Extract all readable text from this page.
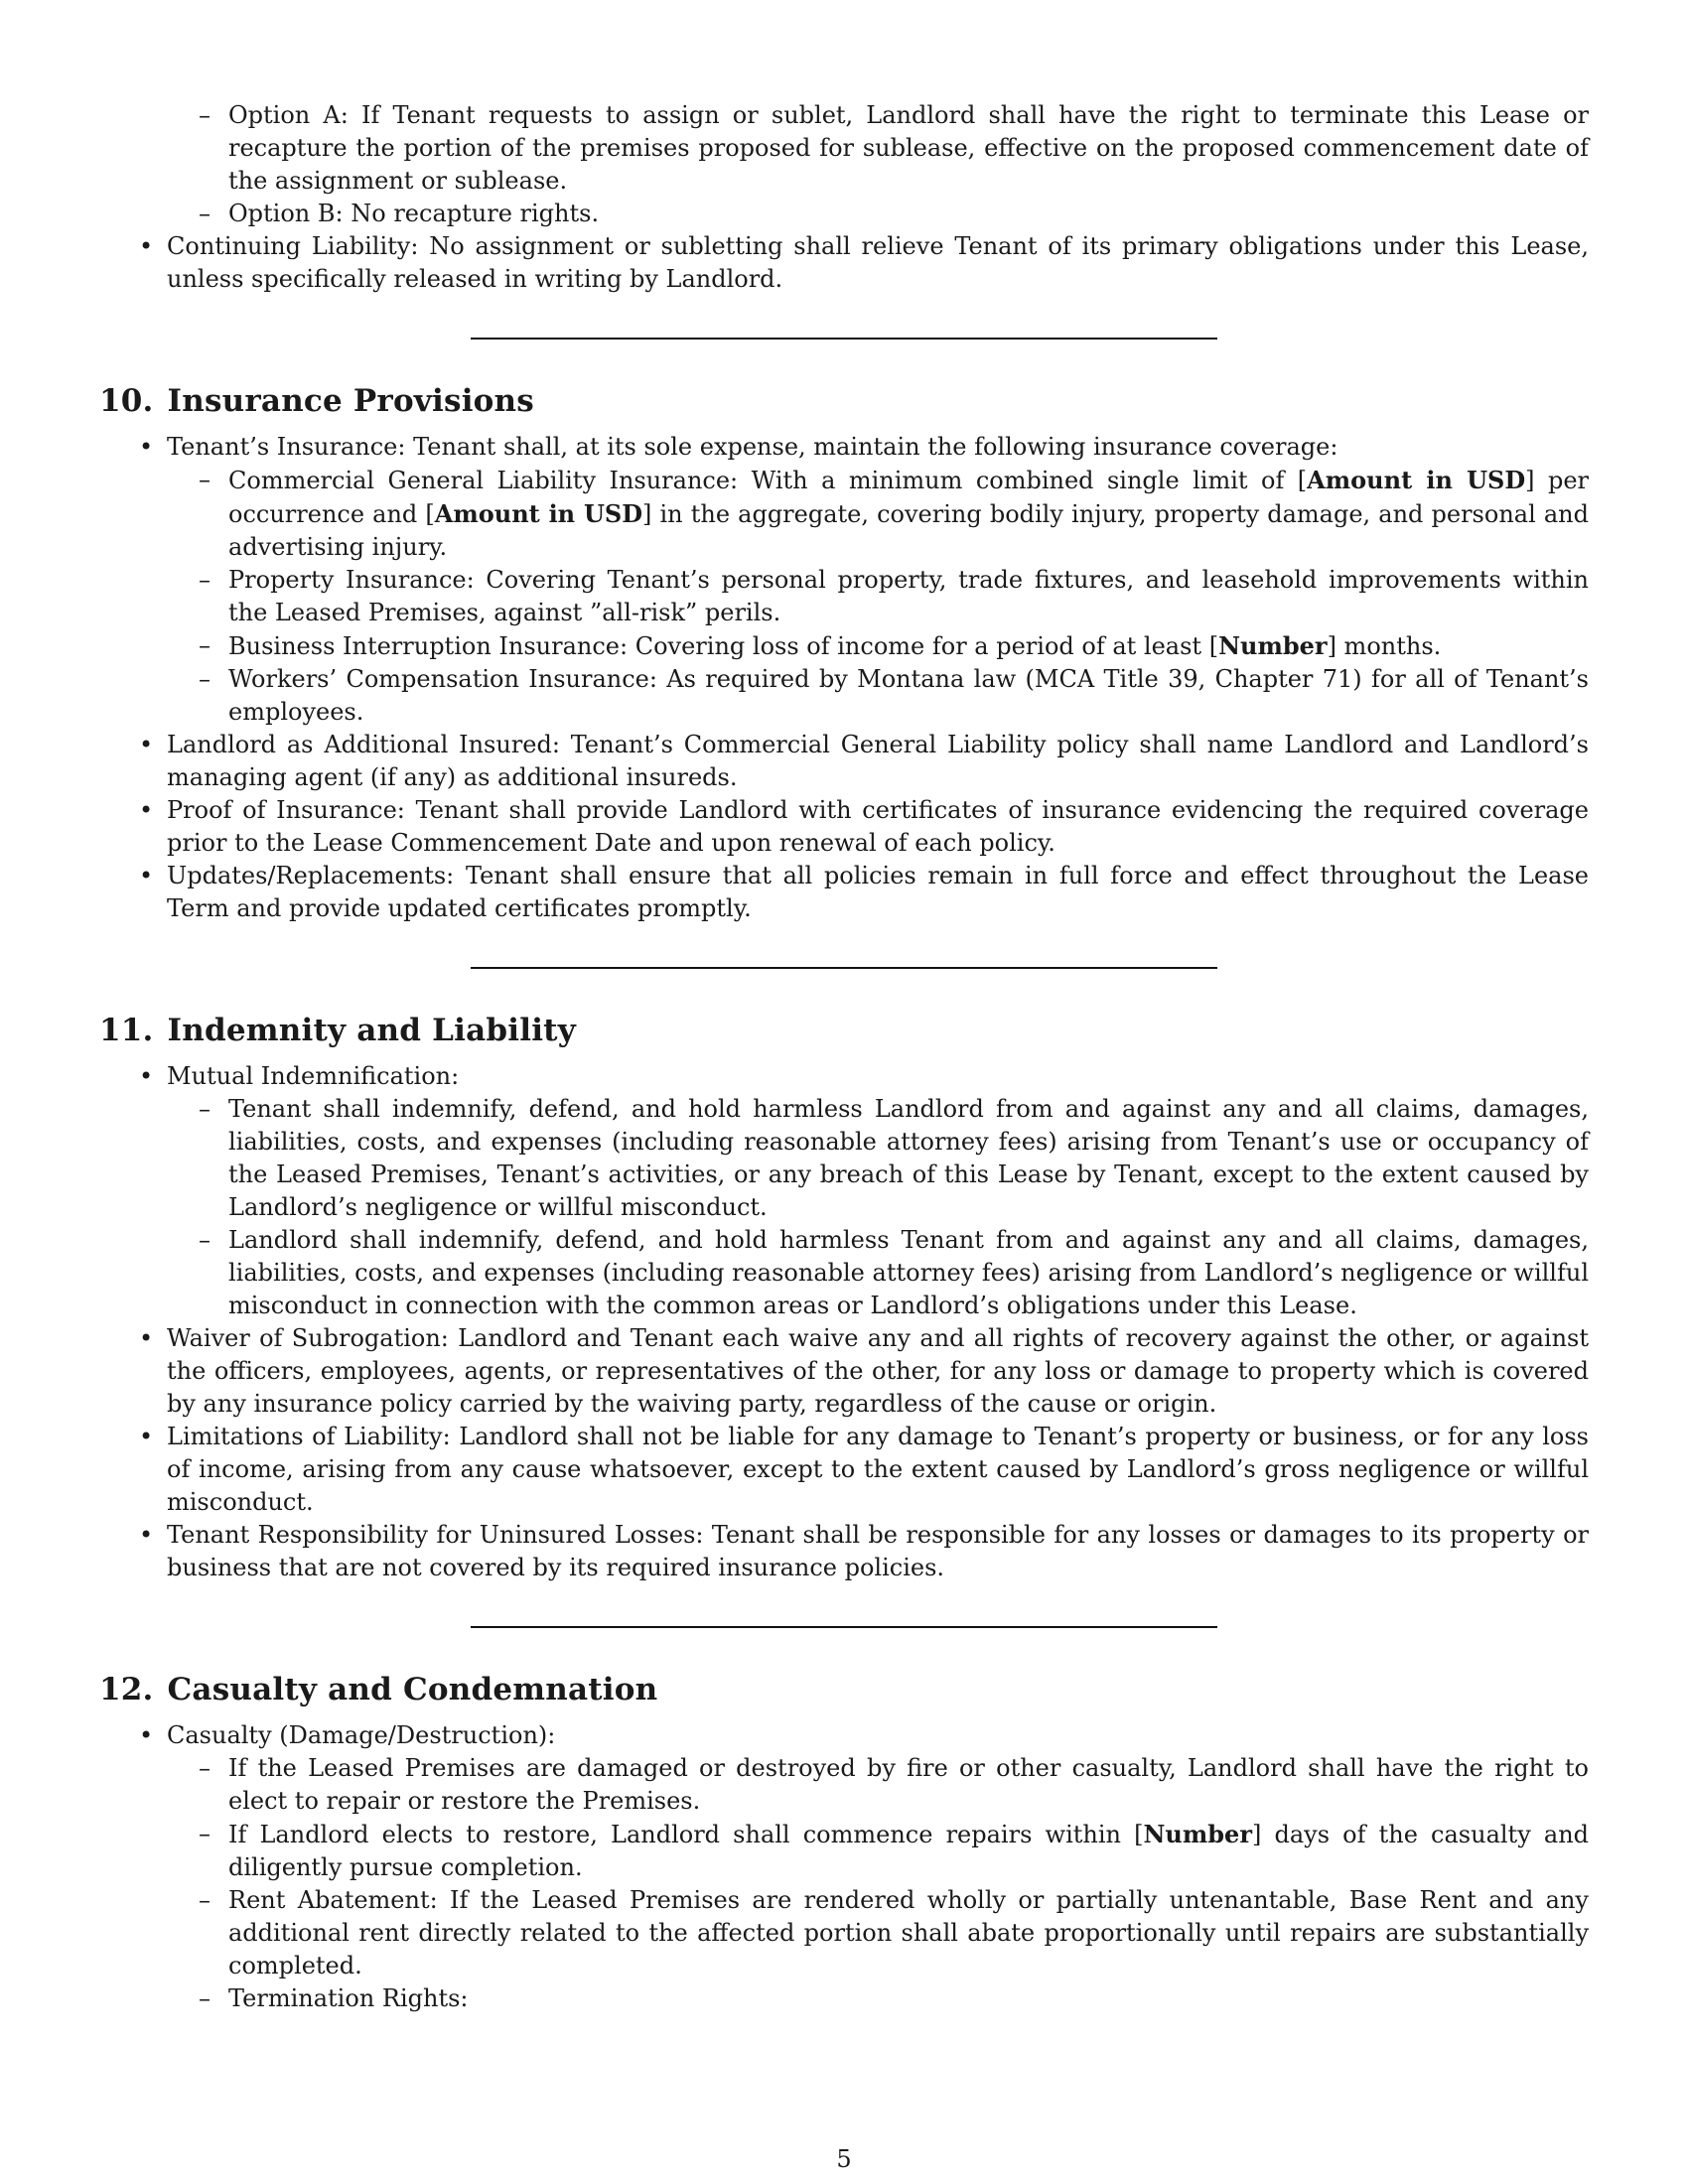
– Option A: If Tenant requests to assign or sublet, Landlord shall have the right to terminate this Lease or recapture the portion of the premises proposed for sublease, effective on the proposed commencement date of the assignment or sublease.
– Option B: No recapture rights.
• Continuing Liability: No assignment or subletting shall relieve Tenant of its primary obligations under this Lease, unless specifically released in writing by Landlord.
10. Insurance Provisions
• Tenant’s Insurance: Tenant shall, at its sole expense, maintain the following insurance coverage:
– Commercial General Liability Insurance: With a minimum combined single limit of [Amount in USD] per occurrence and [Amount in USD] in the aggregate, covering bodily injury, property damage, and personal and advertising injury.
– Property Insurance: Covering Tenant’s personal property, trade fixtures, and leasehold improvements within the Leased Premises, against ”all-risk” perils.
– Business Interruption Insurance: Covering loss of income for a period of at least [Number] months.
– Workers’ Compensation Insurance: As required by Montana law (MCA Title 39, Chapter 71) for all of Tenant’s employees.
• Landlord as Additional Insured: Tenant’s Commercial General Liability policy shall name Landlord and Landlord’s managing agent (if any) as additional insureds.
• Proof of Insurance: Tenant shall provide Landlord with certificates of insurance evidencing the required coverage prior to the Lease Commencement Date and upon renewal of each policy.
• Updates/Replacements: Tenant shall ensure that all policies remain in full force and effect throughout the Lease Term and provide updated certificates promptly.
11. Indemnity and Liability
• Mutual Indemnification:
– Tenant shall indemnify, defend, and hold harmless Landlord from and against any and all claims, damages, liabilities, costs, and expenses (including reasonable attorney fees) arising from Tenant’s use or occupancy of the Leased Premises, Tenant’s activities, or any breach of this Lease by Tenant, except to the extent caused by Landlord’s negligence or willful misconduct.
– Landlord shall indemnify, defend, and hold harmless Tenant from and against any and all claims, damages, liabilities, costs, and expenses (including reasonable attorney fees) arising from Landlord’s negligence or willful misconduct in connection with the common areas or Landlord’s obligations under this Lease.
• Waiver of Subrogation: Landlord and Tenant each waive any and all rights of recovery against the other, or against the officers, employees, agents, or representatives of the other, for any loss or damage to property which is covered by any insurance policy carried by the waiving party, regardless of the cause or origin.
• Limitations of Liability: Landlord shall not be liable for any damage to Tenant’s property or business, or for any loss of income, arising from any cause whatsoever, except to the extent caused by Landlord’s gross negligence or willful misconduct.
• Tenant Responsibility for Uninsured Losses: Tenant shall be responsible for any losses or damages to its property or business that are not covered by its required insurance policies.
12. Casualty and Condemnation
• Casualty (Damage/Destruction):
– If the Leased Premises are damaged or destroyed by fire or other casualty, Landlord shall have the right to elect to repair or restore the Premises.
– If Landlord elects to restore, Landlord shall commence repairs within [Number] days of the casualty and diligently pursue completion.
– Rent Abatement: If the Leased Premises are rendered wholly or partially untenantable, Base Rent and any additional rent directly related to the affected portion shall abate proportionally until repairs are substantially completed.
– Termination Rights:
5
